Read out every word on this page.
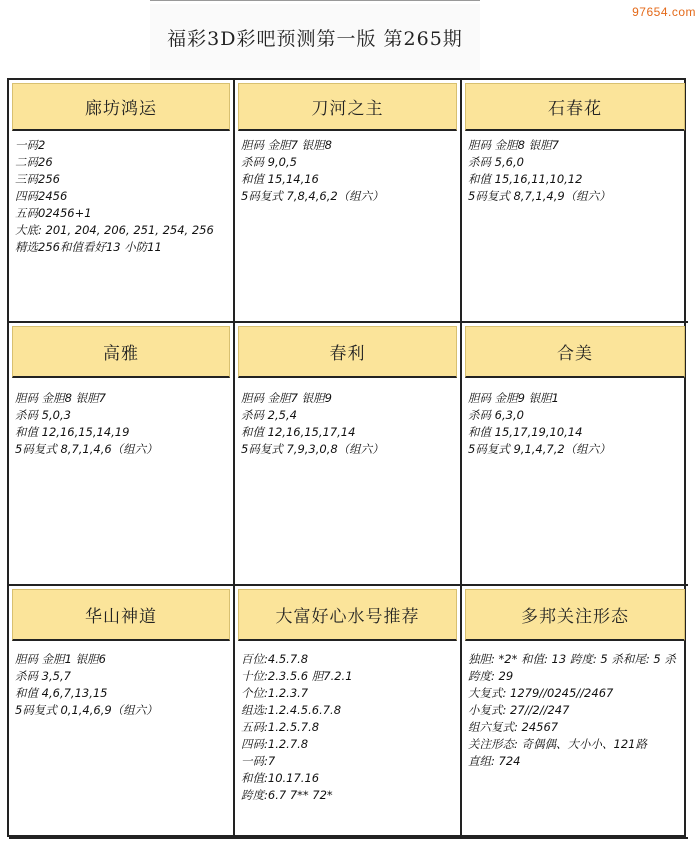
福彩3D彩吧预测第一版 第265期
97654.com
廊坊鸿运
一码2
二码26
三码256
四码2456
五码02456+1
大底: 201, 204, 206, 251, 254, 256
精选256和值看好13 小防11
刀河之主
胆码 金胆7 银胆8
杀码 9,0,5
和值 15,14,16
5码复式 7,8,4,6,2（组六）
石春花
胆码 金胆8 银胆7
杀码 5,6,0
和值 15,16,11,10,12
5码复式 8,7,1,4,9（组六）
高雅
胆码 金胆8 银胆7
杀码 5,0,3
和值 12,16,15,14,19
5码复式 8,7,1,4,6（组六）
春利
胆码 金胆7 银胆9
杀码 2,5,4
和值 12,16,15,17,14
5码复式 7,9,3,0,8（组六）
合美
胆码 金胆9 银胆1
杀码 6,3,0
和值 15,17,19,10,14
5码复式 9,1,4,7,2（组六）
华山神道
胆码 金胆1 银胆6
杀码 3,5,7
和值 4,6,7,13,15
5码复式 0,1,4,6,9（组六）
大富好心水号推荐
百位:4.5.7.8
十位:2.3.5.6 胆7.2.1
个位:1.2.3.7
组选:1.2.4.5.6.7.8
五码:1.2.5.7.8
四码:1.2.7.8
一码:7
和值:10.17.16
跨度:6.7 7** 72*
多邦关注形态
独胆: *2* 和值: 13 跨度: 5 杀和尾: 5 杀跨度: 29
大复式: 1279//0245//2467
小复式: 27//2//247
组六复式: 24567
关注形态: 奇偶偶、大小小、121路
直组: 724
